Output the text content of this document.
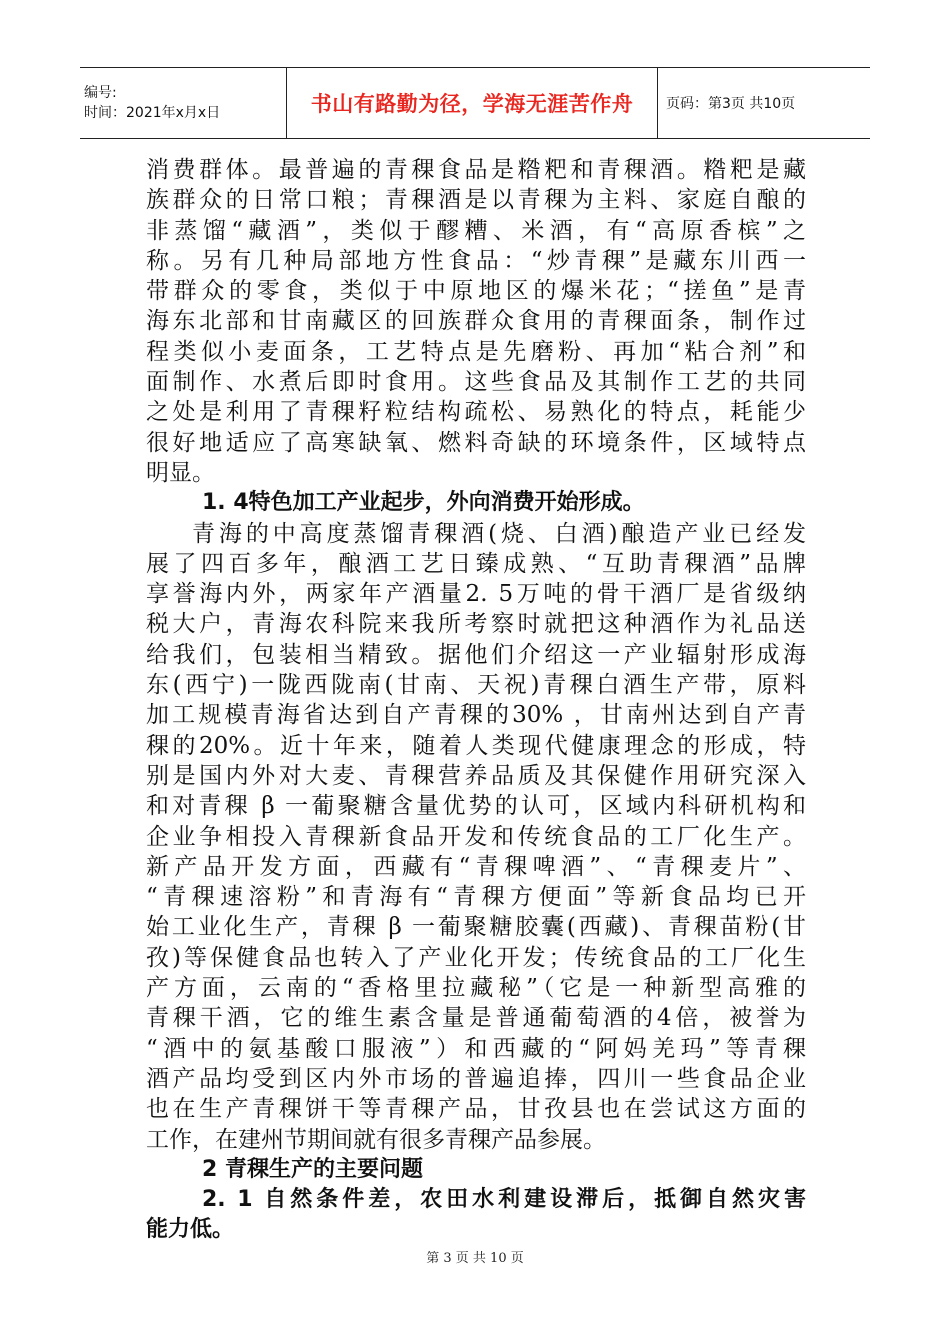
编号:
时间：2021年x月x日	书山有路勤为径，学海无涯苦作舟 页码：第3页 共10页
消费群体。最普遍的青稞食品是糌粑和青稞酒。糌粑是藏
族群众的日常口粮；青稞酒是以青稞为主料、家庭自酿的
非蒸馏“藏酒”，类似于醪糟、米酒，有“高原香槟”之
称。另有几种局部地方性食品：“炒青稞”是藏东川西一
带群众的零食，类似于中原地区的爆米花；“搓鱼”是青
海东北部和甘南藏区的回族群众食用的青稞面条，制作过
程类似小麦面条，工艺特点是先磨粉、再加“粘合剂”和
面制作、水煮后即时食用。这些食品及其制作工艺的共同
之处是利用了青稞籽粒结构疏松、易熟化的特点，耗能少
很好地适应了高寒缺氧、燃料奇缺的环境条件，区域特点
明显。
1. 4特色加工产业起步，外向消费开始形成。
青海的中高度蒸馏青稞酒(烧、白酒)酿造产业已经发
展了四百多年，酿酒工艺日臻成熟、“互助青稞酒”品牌
享誉海内外，两家年产酒量2. 5万吨的骨干酒厂是省级纳
税大户，青海农科院来我所考察时就把这种酒作为礼品送
给我们，包装相当精致。据他们介绍这一产业辐射形成海
东(西宁)一陇西陇南(甘南、天祝)青稞白酒生产带，原料
加工规模青海省达到自产青稞的30% ，甘南州达到自产青
稞的20%。近十年来，随着人类现代健康理念的形成，特
别是国内外对大麦、青稞营养品质及其保健作用研究深入
和对青稞 β 一葡聚糖含量优势的认可，区域内科研机构和
企业争相投入青稞新食品开发和传统食品的工厂化生产。
新产品开发方面，西藏有“青稞啤酒”、“青稞麦片”、
“青稞速溶粉”和青海有“青稞方便面”等新食品均已开
始工业化生产，青稞 β 一葡聚糖胶囊(西藏)、青稞苗粉(甘
孜)等保健食品也转入了产业化开发；传统食品的工厂化生
产方面，云南的“香格里拉藏秘”（它是一种新型高雅的
青稞干酒，它的维生素含量是普通葡萄酒的4倍，被誉为
“酒中的氨基酸口服液”）和西藏的“阿妈羌玛”等青稞
酒产品均受到区内外市场的普遍追捧，四川一些食品企业
也在生产青稞饼干等青稞产品，甘孜县也在尝试这方面的
工作，在建州节期间就有很多青稞产品参展。
2 青稞生产的主要问题
2. 1 自然条件差，农田水利建设滞后，抵御自然灾害
能力低。
第 3 页 共 10 页
